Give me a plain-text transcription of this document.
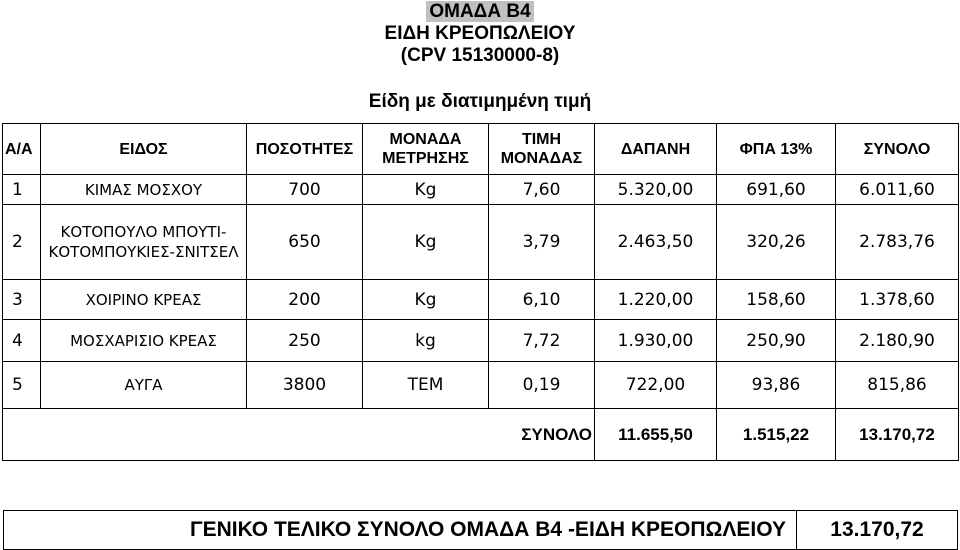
ΟΜΑΔΑ Β4
ΕΙΔΗ ΚΡΕΟΠΩΛΕΙΟΥ
(CPV 15130000-8)
Είδη με διατιμημένη τιμή
Α/Α	ΕΙΔΟΣ	ΠΟΣΟΤΗΤΕΣ	ΜΟΝΑΔΑ ΜΕΤΡΗΣΗΣ	ΤΙΜΗ ΜΟΝΑΔΑΣ	ΔΑΠΑΝΗ	ΦΠΑ 13%	ΣΥΝΟΛΟ
1	ΚΙΜΑΣ ΜΟΣΧΟΥ	700	Kg	7,60	5.320,00	691,60	6.011,60
2	ΚΟΤΟΠΟΥΛΟ ΜΠΟΥΤΙ-ΚΟΤΟΜΠΟΥΚΙΕΣ-ΣΝΙΤΣΕΛ	650	Kg	3,79	2.463,50	320,26	2.783,76
3	ΧΟΙΡΙΝΟ ΚΡΕΑΣ	200	Kg	6,10	1.220,00	158,60	1.378,60
4	ΜΟΣΧΑΡΙΣΙΟ ΚΡΕΑΣ	250	kg	7,72	1.930,00	250,90	2.180,90
5	ΑΥΓΑ	3800	ΤΕΜ	0,19	722,00	93,86	815,86
ΣΥΝΟΛΟ					11.655,50	1.515,22	13.170,72
ΓΕΝΙΚΟ ΤΕΛΙΚΟ ΣΥΝΟΛΟ ΟΜΑΔΑ Β4 -ΕΙΔΗ ΚΡΕΟΠΩΛΕΙΟΥ	13.170,72
